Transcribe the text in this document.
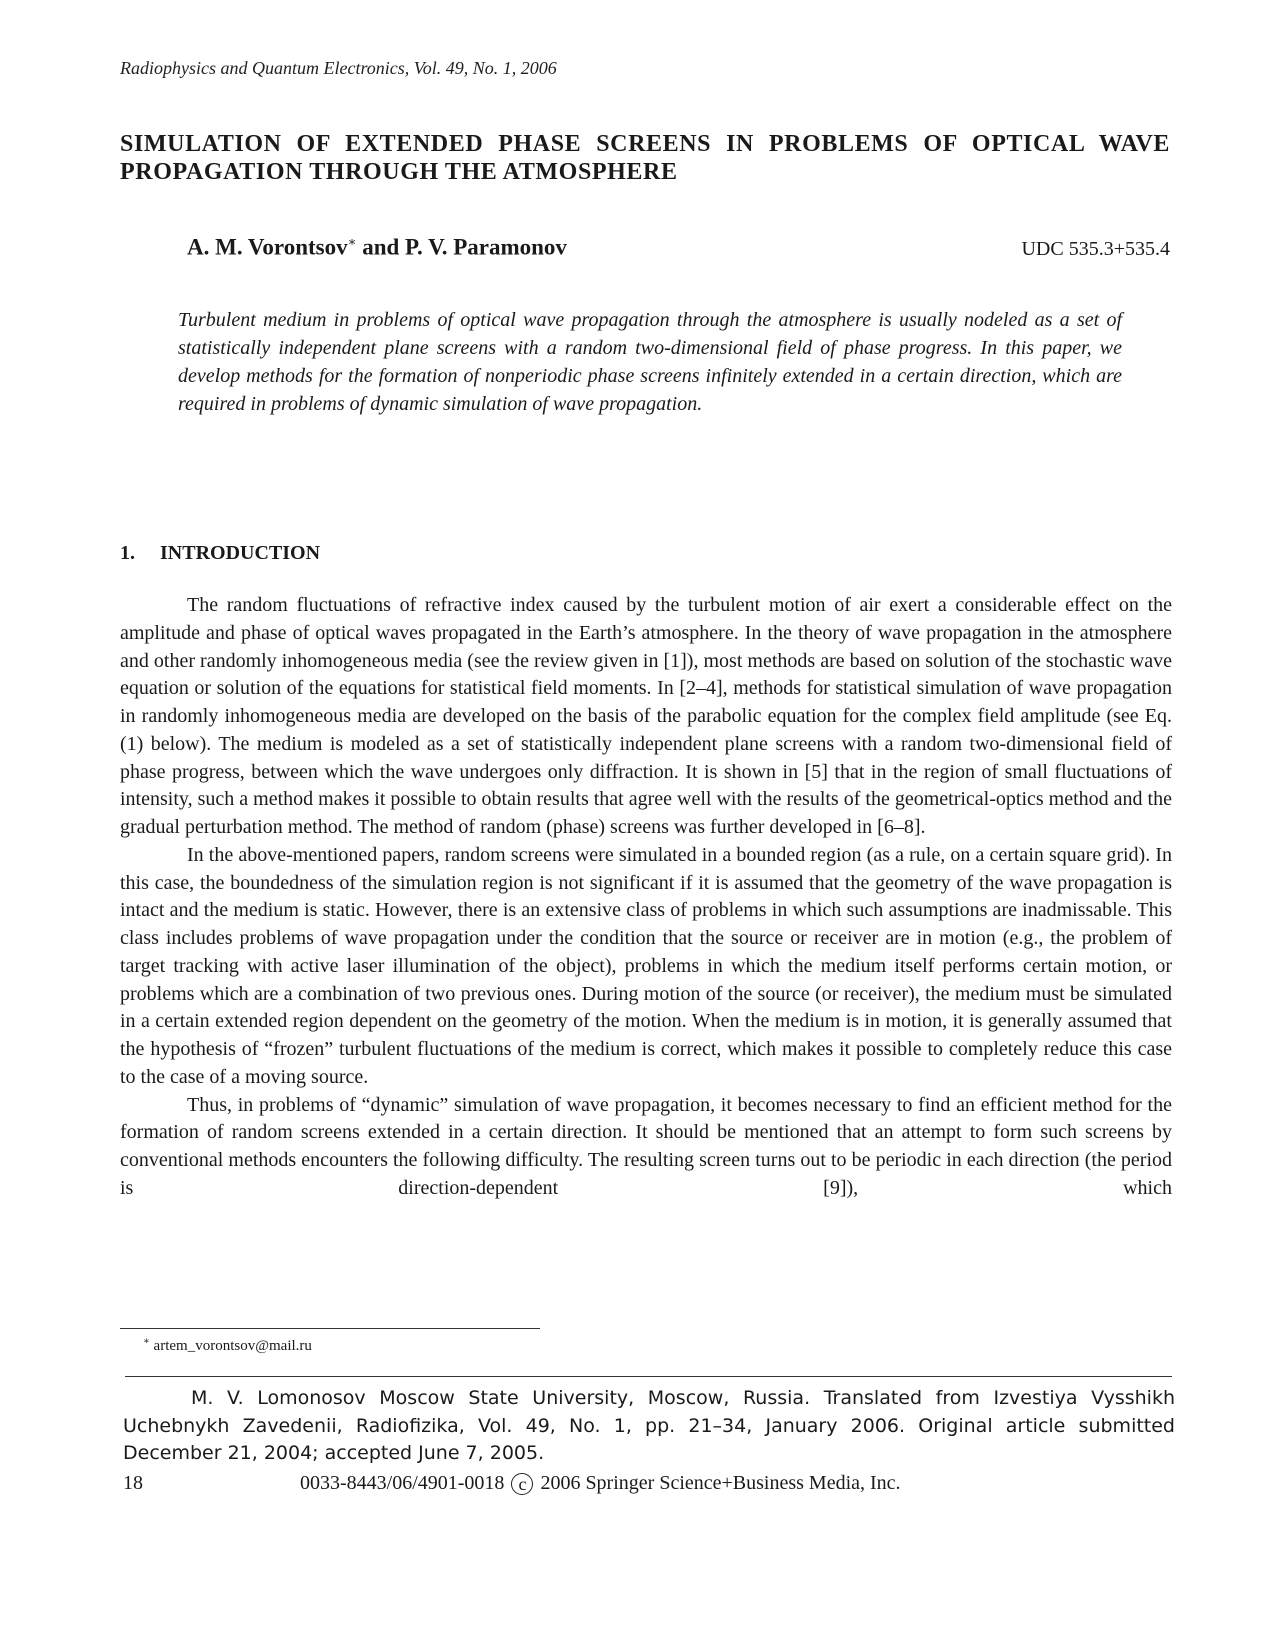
Radiophysics and Quantum Electronics, Vol. 49, No. 1, 2006
SIMULATION OF EXTENDED PHASE SCREENS IN PROBLEMS OF OPTICAL WAVE PROPAGATION THROUGH THE ATMOSPHERE
A. M. Vorontsov∗ and P. V. Paramonov	UDC 535.3+535.4

Turbulent medium in problems of optical wave propagation through the atmosphere is usually nodeled as a set of statistically independent plane screens with a random two-dimensional field of phase progress. In this paper, we develop methods for the formation of nonperiodic phase screens infinitely extended in a certain direction, which are required in problems of dynamic simulation of wave propagation.

1. INTRODUCTION

The random fluctuations of refractive index caused by the turbulent motion of air exert a considerable effect on the amplitude and phase of optical waves propagated in the Earth’s atmosphere. In the theory of wave propagation in the atmosphere and other randomly inhomogeneous media (see the review given in [1]), most methods are based on solution of the stochastic wave equation or solution of the equations for statistical field moments. In [2–4], methods for statistical simulation of wave propagation in randomly inhomogeneous media are developed on the basis of the parabolic equation for the complex field amplitude (see Eq. (1) below). The medium is modeled as a set of statistically independent plane screens with a random two-dimensional field of phase progress, between which the wave undergoes only diffraction. It is shown in [5] that in the region of small fluctuations of intensity, such a method makes it possible to obtain results that agree well with the results of the geometrical-optics method and the gradual perturbation method. The method of random (phase) screens was further developed in [6–8].

In the above-mentioned papers, random screens were simulated in a bounded region (as a rule, on a certain square grid). In this case, the boundedness of the simulation region is not significant if it is assumed that the geometry of the wave propagation is intact and the medium is static. However, there is an extensive class of problems in which such assumptions are inadmissable. This class includes problems of wave propagation under the condition that the source or receiver are in motion (e.g., the problem of target tracking with active laser illumination of the object), problems in which the medium itself performs certain motion, or problems which are a combination of two previous ones. During motion of the source (or receiver), the medium must be simulated in a certain extended region dependent on the geometry of the motion. When the medium is in motion, it is generally assumed that the hypothesis of “frozen” turbulent fluctuations of the medium is correct, which makes it possible to completely reduce this case to the case of a moving source.

Thus, in problems of “dynamic” simulation of wave propagation, it becomes necessary to find an efficient method for the formation of random screens extended in a certain direction. It should be mentioned that an attempt to form such screens by conventional methods encounters the following difficulty. The resulting screen turns out to be periodic in each direction (the period is direction-dependent [9]), which

∗ artem_vorontsov@mail.ru

M. V. Lomonosov Moscow State University, Moscow, Russia. Translated from Izvestiya Vysshikh Uchebnykh Zavedenii, Radiofizika, Vol. 49, No. 1, pp. 21–34, January 2006. Original article submitted December 21, 2004; accepted June 7, 2005.

18	0033-8443/06/4901-0018 c 2006 Springer Science+Business Media, Inc.
